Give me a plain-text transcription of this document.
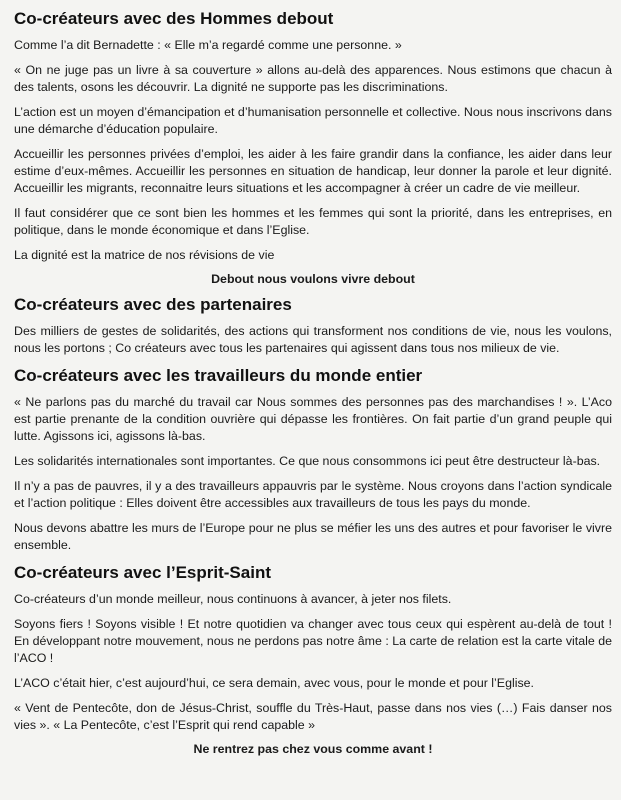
Co-créateurs avec des Hommes debout

Comme l’a dit Bernadette : « Elle m’a regardé comme une personne. »

« On ne juge pas un livre à sa couverture » allons au-delà des apparences. Nous estimons que chacun à des talents, osons les découvrir. La dignité ne supporte pas les discriminations.

L’action est un moyen d’émancipation et d’humanisation personnelle et collective. Nous nous inscrivons dans une démarche d’éducation populaire.

Accueillir les personnes privées d’emploi, les aider à les faire grandir dans la confiance, les aider dans leur estime d’eux-mêmes. Accueillir les personnes en situation de handicap, leur donner la parole et leur dignité. Accueillir les migrants, reconnaitre leurs situations et les accompagner à créer un cadre de vie meilleur.

Il faut considérer que ce sont bien les hommes et les femmes qui sont la priorité, dans les entreprises, en politique, dans le monde économique et dans l’Eglise.

La dignité est la matrice de nos révisions de vie

Debout nous voulons vivre debout
Co-créateurs avec des partenaires

Des milliers de gestes de solidarités, des actions qui transforment nos conditions de vie, nous les voulons, nous les portons ; Co créateurs avec tous les partenaires qui agissent dans tous nos milieux de vie.

Co-créateurs avec les travailleurs du monde entier

« Ne parlons pas du marché du travail car Nous sommes des personnes pas des marchandises ! ». L’Aco est partie prenante de la condition ouvrière qui dépasse les frontières. On fait partie d’un grand peuple qui lutte. Agissons ici, agissons là-bas.

Les solidarités internationales sont importantes. Ce que nous consommons ici peut être destructeur là-bas.

Il n’y a pas de pauvres, il y a des travailleurs appauvris par le système. Nous croyons dans l’action syndicale et l’action politique : Elles doivent être accessibles aux travailleurs de tous les pays du monde.

Nous devons abattre les murs de l’Europe pour ne plus se méfier les uns des autres et pour favoriser le vivre ensemble.

Co-créateurs avec l’Esprit-Saint

Co-créateurs d’un monde meilleur, nous continuons à avancer, à jeter nos filets.

Soyons fiers ! Soyons visible ! Et notre quotidien va changer avec tous ceux qui espèrent au-delà de tout ! En développant notre mouvement, nous ne perdons pas notre âme : La carte de relation est la carte vitale de l’ACO !

L’ACO c’était hier, c’est aujourd’hui, ce sera demain, avec vous, pour le monde et pour l’Eglise.

« Vent de Pentecôte, don de Jésus-Christ, souffle du Très-Haut, passe dans nos vies (…) Fais danser nos vies ». « La Pentecôte, c’est l’Esprit qui rend capable »

Ne rentrez pas chez vous comme avant !
